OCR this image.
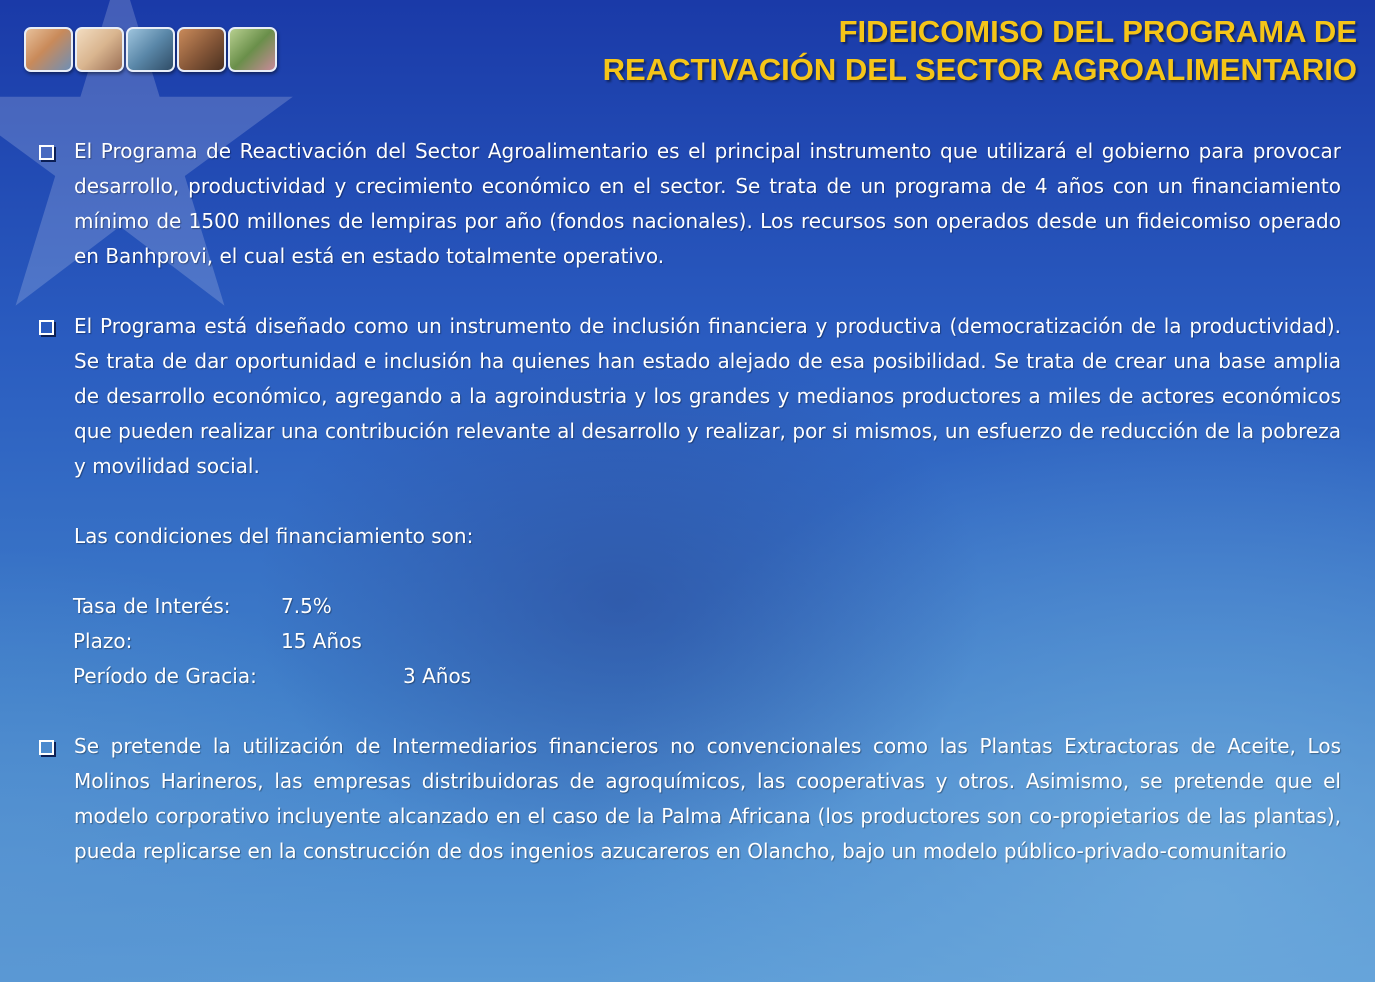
FIDEICOMISO DEL PROGRAMA DE
REACTIVACIÓN DEL SECTOR AGROALIMENTARIO
El Programa de Reactivación del Sector Agroalimentario es el principal instrumento que utilizará el gobierno para provocar desarrollo, productividad y crecimiento económico en el sector. Se trata de un programa de 4 años con un financiamiento mínimo de 1500 millones de lempiras por año (fondos nacionales). Los recursos son operados desde un fideicomiso operado en Banhprovi, el cual está en estado totalmente operativo.
El Programa está diseñado como un instrumento de inclusión financiera y productiva (democratización de la productividad). Se trata de dar oportunidad e inclusión ha quienes han estado alejado de esa posibilidad. Se trata de crear una base amplia de desarrollo económico, agregando a la agroindustria y los grandes y medianos productores a miles de actores económicos que pueden realizar una contribución relevante al desarrollo y realizar, por si mismos, un esfuerzo de reducción de la pobreza y movilidad social.
Las condiciones del financiamiento son:
Tasa de Interés:	7.5%
Plazo:	15 Años
Período de Gracia:	3 Años
Se pretende la utilización de Intermediarios financieros no convencionales como las Plantas Extractoras de Aceite, Los Molinos Harineros, las empresas distribuidoras de agroquímicos, las cooperativas y otros. Asimismo, se pretende que el modelo corporativo incluyente alcanzado en el caso de la Palma Africana (los productores son co-propietarios de las plantas), pueda replicarse en la construcción de dos ingenios azucareros en Olancho, bajo un modelo público-privado-comunitario
